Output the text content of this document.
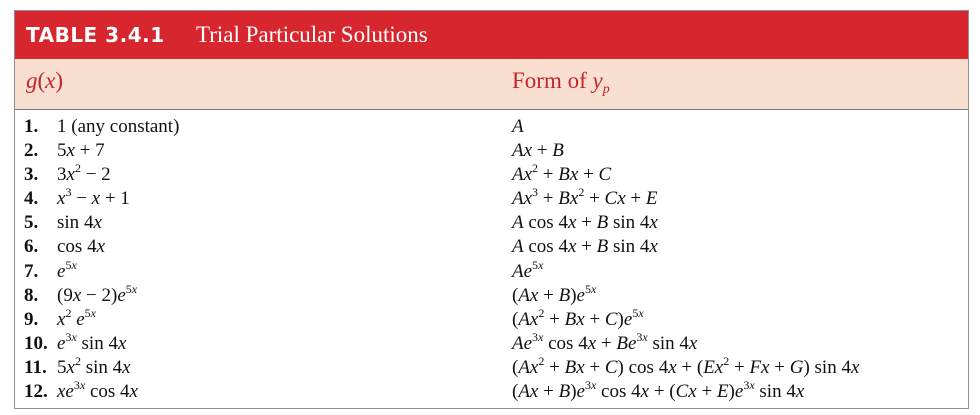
TABLE 3.4.1 Trial Particular Solutions
g(x)	Form of $y_p$
1. 1 (any constant)	A
2. 5x + 7	Ax + B
3. $3x^2 - 2$	$Ax^2 + Bx + C$
4. $x^3 - x + 1$	$Ax^3 + Bx^2 + Cx + E$
5. sin 4x	A cos 4x + B sin 4x
6. cos 4x	A cos 4x + B sin 4x
7. $e^{5x}$	$Ae^{5x}$
8. $(9x - 2)e^{5x}$	$(Ax + B)e^{5x}$
9. $x^2$ $e^{5x}$	$(Ax^2 + Bx + C)e^{5x}$
10. $e^{3x}$ sin 4x	$Ae^{3x}$ $\cos 4x + Be^{3x}$ sin 4x
11. $5x^2$ sin 4x	$(Ax^2 + Bx + C)$ $\cos 4x + (Ex^2 + Fx + G)$ sin 4x
12. $xe^{3x}$ cos 4x	$(Ax + B)e^{3x}$ $\cos 4x + (Cx + E)e^{3x}$ sin 4x
